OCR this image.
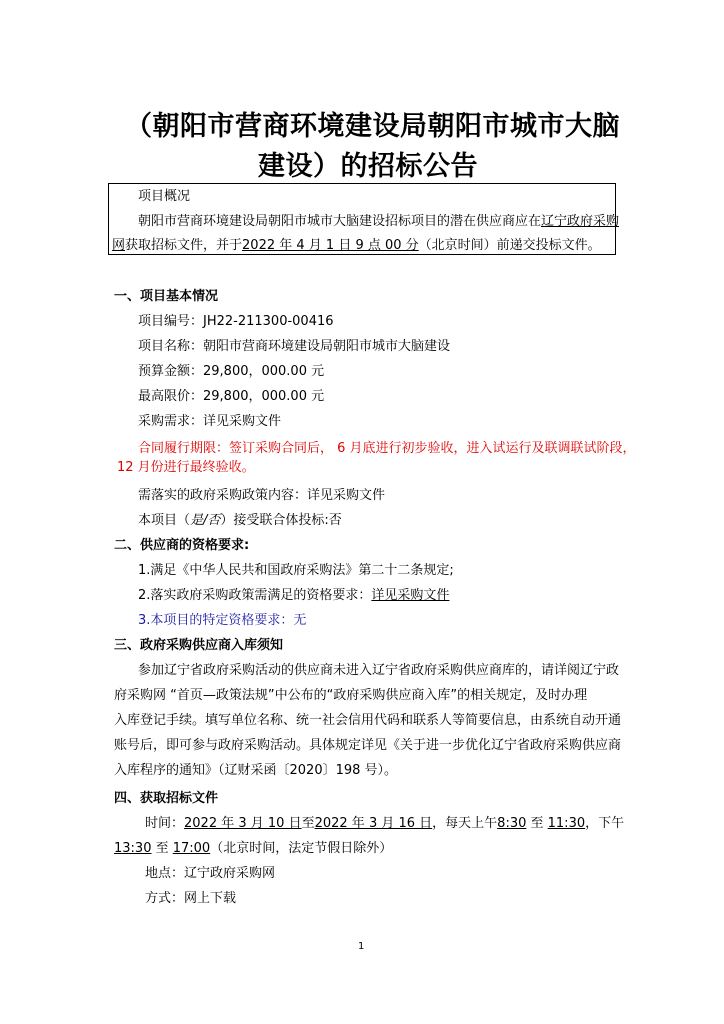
（朝阳市营商环境建设局朝阳市城市大脑
建设）的招标公告
项目概况
朝阳市营商环境建设局朝阳市城市大脑建设招标项目的潜在供应商应在辽宁政府采购
网获取招标文件，并于2022 年 4 月 1 日 9 点 00 分（北京时间）前递交投标文件。
一、项目基本情况
项目编号：JH22-211300-00416
项目名称：朝阳市营商环境建设局朝阳市城市大脑建设
预算金额：29,800，000.00 元
最高限价：29,800，000.00 元
采购需求：详见采购文件
合同履行期限：签订采购合同后， 6 月底进行初步验收，进入试运行及联调联试阶段，
12 月份进行最终验收。
需落实的政府采购政策内容：详见采购文件
本项目（是/否）接受联合体投标:否
二、供应商的资格要求:
1.满足《中华人民共和国政府采购法》第二十二条规定;
2.落实政府采购政策需满足的资格要求：详见采购文件
3.本项目的特定资格要求：无
三、政府采购供应商入库须知
参加辽宁省政府采购活动的供应商未进入辽宁省政府采购供应商库的，请详阅辽宁政
府采购网 “首页—政策法规”中公布的“政府采购供应商入库”的相关规定，及时办理
入库登记手续。填写单位名称、统一社会信用代码和联系人等简要信息，由系统自动开通
账号后，即可参与政府采购活动。具体规定详见《关于进一步优化辽宁省政府采购供应商
入库程序的通知》（辽财采函〔2020〕198 号）。
四、获取招标文件
时间：2022 年 3 月 10 日至2022 年 3 月 16 日，每天上午8:30 至 11:30，下午
13:30 至 17:00（北京时间，法定节假日除外）
地点：辽宁政府采购网
方式：网上下载
1
